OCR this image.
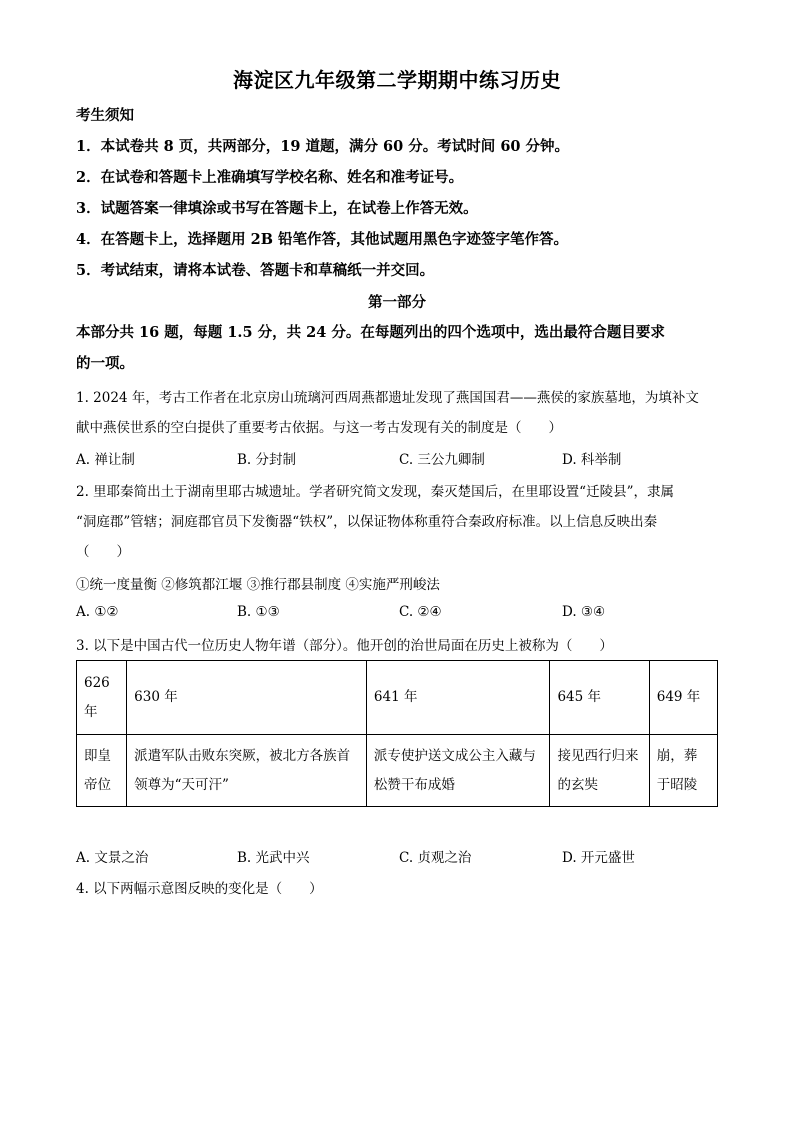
海淀区九年级第二学期期中练习历史
考生须知
1．本试卷共 8 页，共两部分，19 道题，满分 60 分。考试时间 60 分钟。
2．在试卷和答题卡上准确填写学校名称、姓名和准考证号。
3．试题答案一律填涂或书写在答题卡上，在试卷上作答无效。
4．在答题卡上，选择题用 2B 铅笔作答，其他试题用黑色字迹签字笔作答。
5．考试结束，请将本试卷、答题卡和草稿纸一并交回。
第一部分
本部分共 16 题，每题 1.5 分，共 24 分。在每题列出的四个选项中，选出最符合题目要求
的一项。
1. 2024 年，考古工作者在北京房山琉璃河西周燕都遗址发现了燕国国君——燕侯的家族墓地，为填补文
献中燕侯世系的空白提供了重要考古依据。与这一考古发现有关的制度是（　　）
A. 禅让制	B. 分封制	C. 三公九卿制	D. 科举制
2. 里耶秦简出土于湖南里耶古城遗址。学者研究简文发现，秦灭楚国后，在里耶设置“迁陵县”，隶属
“洞庭郡”管辖；洞庭郡官员下发衡器“铁权”，以保证物体称重符合秦政府标准。以上信息反映出秦
（　　）
①统一度量衡 ②修筑都江堰 ③推行郡县制度 ④实施严刑峻法
A. ①②	B. ①③	C. ②④	D. ③④
3. 以下是中国古代一位历史人物年谱（部分）。他开创的治世局面在历史上被称为（　　）
626 年	630 年	641 年	645 年	649 年
即皇帝位	派遣军队击败东突厥，被北方各族首领尊为“天可汗”	派专使护送文成公主入藏与松赞干布成婚	接见西行归来的玄奘	崩，葬于昭陵
A. 文景之治	B. 光武中兴	C. 贞观之治	D. 开元盛世
4. 以下两幅示意图反映的变化是（　　）
